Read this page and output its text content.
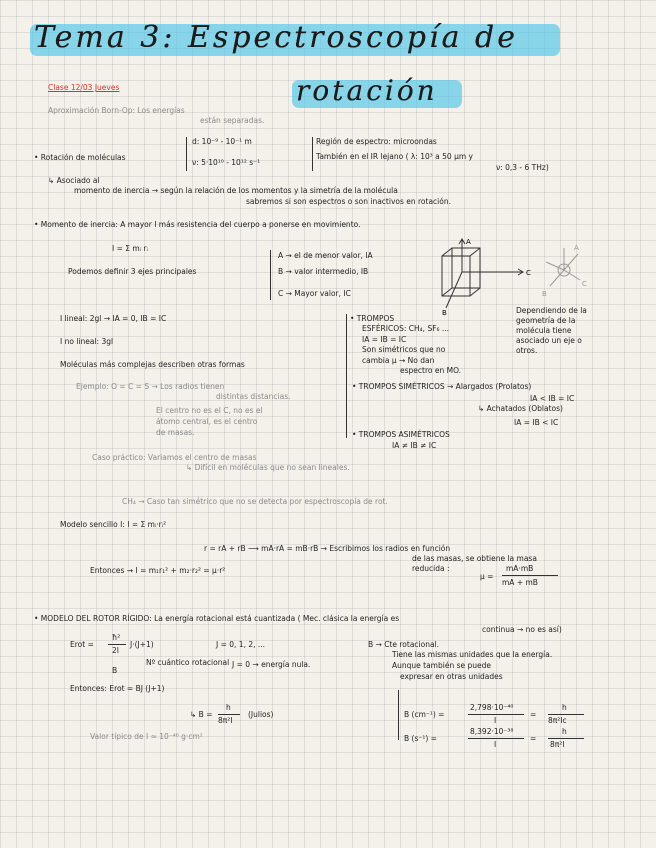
Tema 3: Espectroscopía de
rotación
Clase 12/03 Jueves
Aproximación Born-Op: Los energías
están separadas.
• Rotación de moléculas
d: 10⁻⁹ - 10⁻¹ m
ν: 5·10¹⁰ - 10¹² s⁻¹
Región de espectro: microondas
También en el IR lejano ( λ: 10³ a 50 µm y
ν: 0,3 - 6 THz)
↳ Asociado al
momento de inercia → según la relación de los momentos y la simetría de la molécula
sabremos si son espectros o son inactivos en rotación.
• Momento de inercia: A mayor I más resistencia del cuerpo a ponerse en movimiento.
I = Σ mᵢ rᵢ
Podemos definir 3 ejes principales
A → el de menor valor, IA
B → valor intermedio, IB
C → Mayor valor, IC
A
C
B
A
C
B
I lineal: 2gl → IA = 0, IB = IC
I no lineal: 3gl
Moléculas más complejas describen otras formas
Ejemplo: O = C = S → Los radios tienen
distintas distancias.
El centro no es el C, no es el
átomo central, es el centro
de masas.
Caso práctico: Variamos el centro de masas
↳ Difícil en moléculas que no sean lineales.
CH₄ → Caso tan simétrico que no se detecta por espectroscopía de rot.
• TROMPOS
ESFÉRICOS: CH₄, SF₆ ...
IA = IB = IC
Son simétricos que no
cambia µ → No dan
espectro en MO.
Dependiendo de la
geometría de la
molécula tiene
asociado un eje o
otros.
• TROMPOS SIMÉTRICOS → Alargados (Prolatos)
IA < IB = IC
↳ Achatados (Oblatos)
IA = IB < IC
• TROMPOS ASIMÉTRICOS
IA ≠ IB ≠ IC
Modelo sencillo I: I = Σ mᵢ·rᵢ²
r = rA + rB ⟶ mA·rA = mB·rB → Escribimos los radios en función
de las masas, se obtiene la masa
reducida :
µ =
mA·mB
mA + mB
Entonces ⇝ I = m₁r₁² + m₂·r₂² = µ·r²
• MODELO DEL ROTOR RÍGIDO: La energía rotacional está cuantizada ( Mec. clásica la energía es
continua → no es así)
Erot =
ħ²
2I
J·(J+1)
B
J = 0, 1, 2, ...
Nº cuántico rotacional J = 0 → energía nula.
B → Cte rotacional.
Tiene las mismas unidades que la energía.
Aunque también se puede
expresar en otras unidades
Entonces: Erot = BJ (J+1)
↳ B =
h
8π²I
(Julios)
Valor típico de I ≈ 10⁻⁴⁶ g·cm²
B (cm⁻¹) =
2,798·10⁻⁴⁰
I
=
h
8π²Ic
B (s⁻¹) =
8,392·10⁻³⁸
I
=
h
8π²I
